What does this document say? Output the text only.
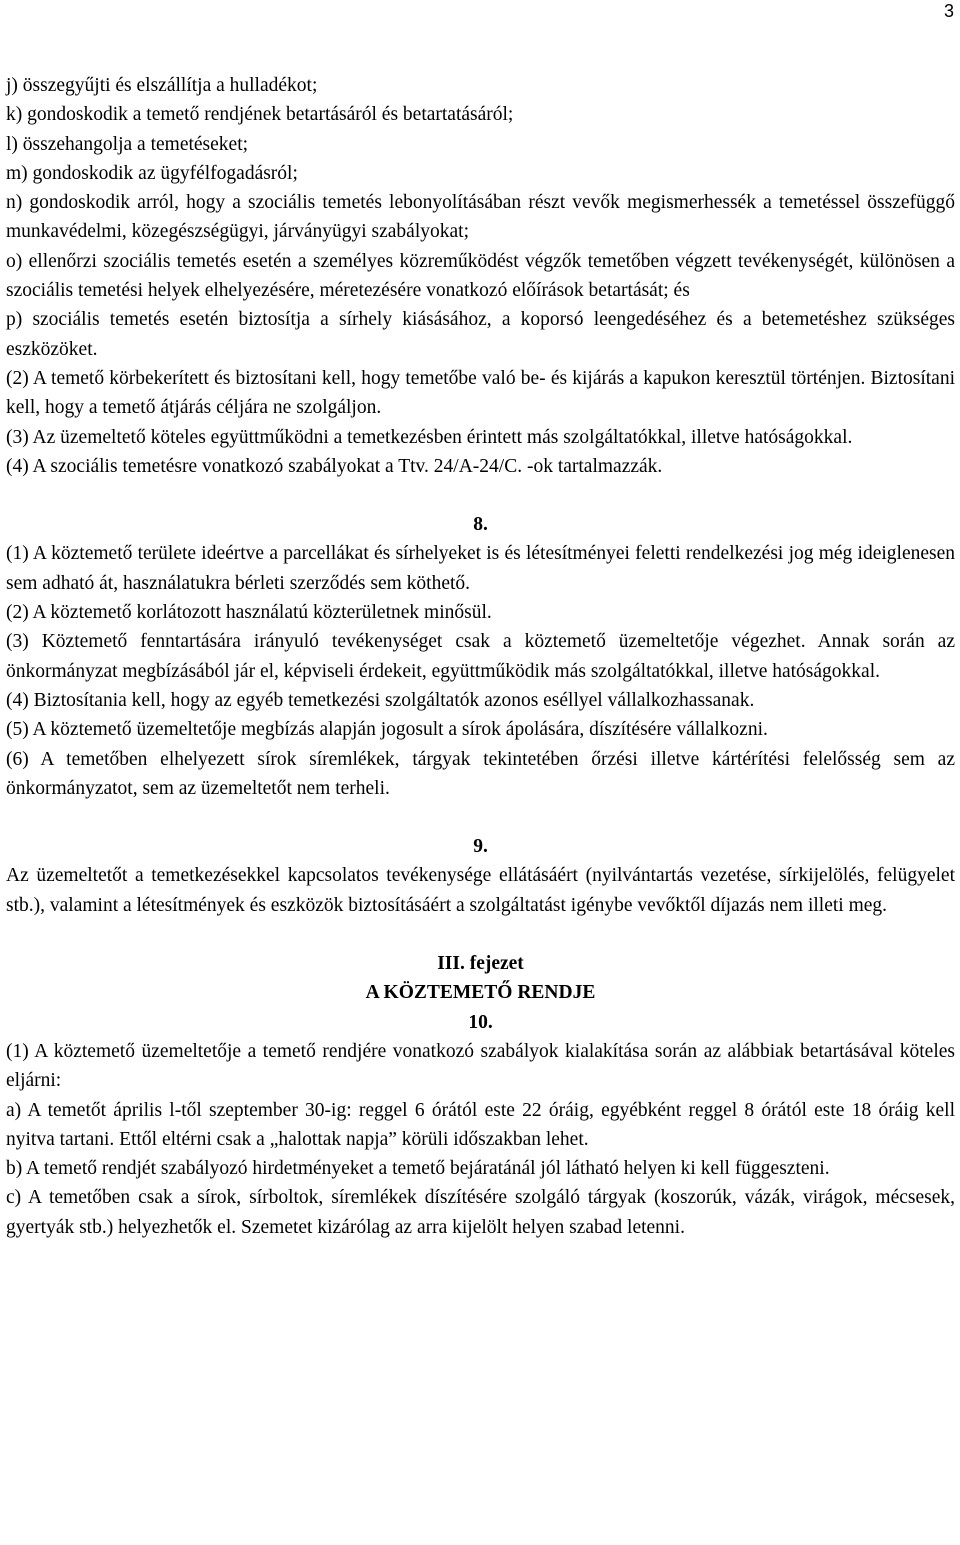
3

j) összegyűjti és elszállítja a hulladékot;

k) gondoskodik a temető rendjének betartásáról és betartatásáról;

l) összehangolja a temetéseket;

m) gondoskodik az ügyfélfogadásról;

n) gondoskodik arról, hogy a szociális temetés lebonyolításában részt vevők megismerhessék a temetéssel összefüggő munkavédelmi, közegészségügyi, járványügyi szabályokat;

o) ellenőrzi szociális temetés esetén a személyes közreműködést végzők temetőben végzett tevékenységét, különösen a szociális temetési helyek elhelyezésére, méretezésére vonatkozó előírások betartását; és

p) szociális temetés esetén biztosítja a sírhely kiásásához, a koporsó leengedéséhez és a betemetéshez szükséges eszközöket.

(2) A temető körbekerített és biztosítani kell, hogy temetőbe való be- és kijárás a kapukon keresztül történjen. Biztosítani kell, hogy a temető átjárás céljára ne szolgáljon.

(3) Az üzemeltető köteles együttműködni a temetkezésben érintett más szolgáltatókkal, illetve hatóságokkal.

(4) A szociális temetésre vonatkozó szabályokat a Ttv. 24/A-24/C. -ok tartalmazzák.

8.

(1) A köztemető területe ideértve a parcellákat és sírhelyeket is és létesítményei feletti rendelkezési jog még ideiglenesen sem adható át, használatukra bérleti szerződés sem köthető.

(2) A köztemető korlátozott használatú közterületnek minősül.

(3) Köztemető fenntartására irányuló tevékenységet csak a köztemető üzemeltetője végezhet. Annak során az önkormányzat megbízásából jár el, képviseli érdekeit, együttműködik más szolgáltatókkal, illetve hatóságokkal.

(4) Biztosítania kell, hogy az egyéb temetkezési szolgáltatók azonos eséllyel vállalkozhassanak.

(5) A köztemető üzemeltetője megbízás alapján jogosult a sírok ápolására, díszítésére vállalkozni.

(6) A temetőben elhelyezett sírok síremlékek, tárgyak tekintetében őrzési illetve kártérítési felelősség sem az önkormányzatot, sem az üzemeltetőt nem terheli.

9.

Az üzemeltetőt a temetkezésekkel kapcsolatos tevékenysége ellátásáért (nyilvántartás vezetése, sírkijelölés, felügyelet stb.), valamint a létesítmények és eszközök biztosításáért a szolgáltatást igénybe vevőktől díjazás nem illeti meg.

III. fejezet

A KÖZTEMETŐ RENDJE

10.

(1) A köztemető üzemeltetője a temető rendjére vonatkozó szabályok kialakítása során az alábbiak betartásával köteles eljárni:

a) A temetőt április l-től szeptember 30-ig: reggel 6 órától este 22 óráig, egyébként reggel 8 órától este 18 óráig kell nyitva tartani. Ettől eltérni csak a „halottak napja” körüli időszakban lehet.

b) A temető rendjét szabályozó hirdetményeket a temető bejáratánál jól látható helyen ki kell függeszteni.

c) A temetőben csak a sírok, sírboltok, síremlékek díszítésére szolgáló tárgyak (koszorúk, vázák, virágok, mécsesek, gyertyák stb.) helyezhetők el. Szemetet kizárólag az arra kijelölt helyen szabad letenni.
